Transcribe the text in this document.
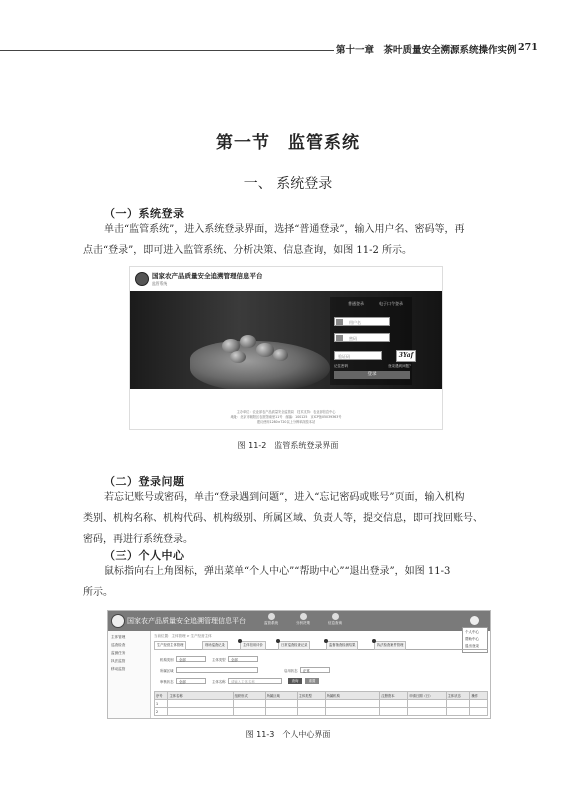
第十一章　茶叶质量安全溯源系统操作实例 271
第一节　监管系统
一、 系统登录
（一）系统登录
单击“监管系统”，进入系统登录界面，选择“普通登录”，输入用户名、密码等，再
点击“登录”，即可进入监管系统、分析决策、信息查询，如图 11-2 所示。
国家农产品质量安全追溯管理信息平台
监管系统
普通登录	电子口令登录
用户名
密码
验证码	3Yaf
记住密码	登录遇到问题？
登录
主办单位：农业部农产品质量安全监管局　技术支持：农业部信息中心
地址：北京市朝阳区农展馆南里11号　邮编：100125　京ICP备05039363号
建议使用1280×720以上分辨率浏览本站
图 11-2　监管系统登录界面
（二）登录问题
若忘记账号或密码，单击“登录遇到问题”，进入“忘记密码或账号”页面，输入机构
类别、机构名称、机构代码、机构级别、所属区域、负责人等，提交信息，即可找回账号、
密码，再进行系统登录。
（三）个人中心
鼠标指向右上角图标，弹出菜单“个人中心”“帮助中心”“退出登录”，如图 11-3
所示。
国家农产品质量安全追溯管理信息平台	监管系统	分析决策	信息查询
个人中心
帮助中心
退出登录
主体管理
巡查检查
监测任务
执法监管
移动监管
当前位置：主体管理 > 生产经营主体
生产经营主体管理	现场巡查记录	主体信用评价	日常巡查检查记录	监督抽查检测结果	执法检查案件管理
机构类别	全部	主体类型	全部
所属区域	启用状态	正常
审核状态	全部	主体名称	请输入主体名称	查询	重置
序号	主体名称	组织形式	所属区域	主体类型	所属机构	注册资本	申请日期（日）	主体状态	操作
1									
2									
图 11-3　个人中心界面
